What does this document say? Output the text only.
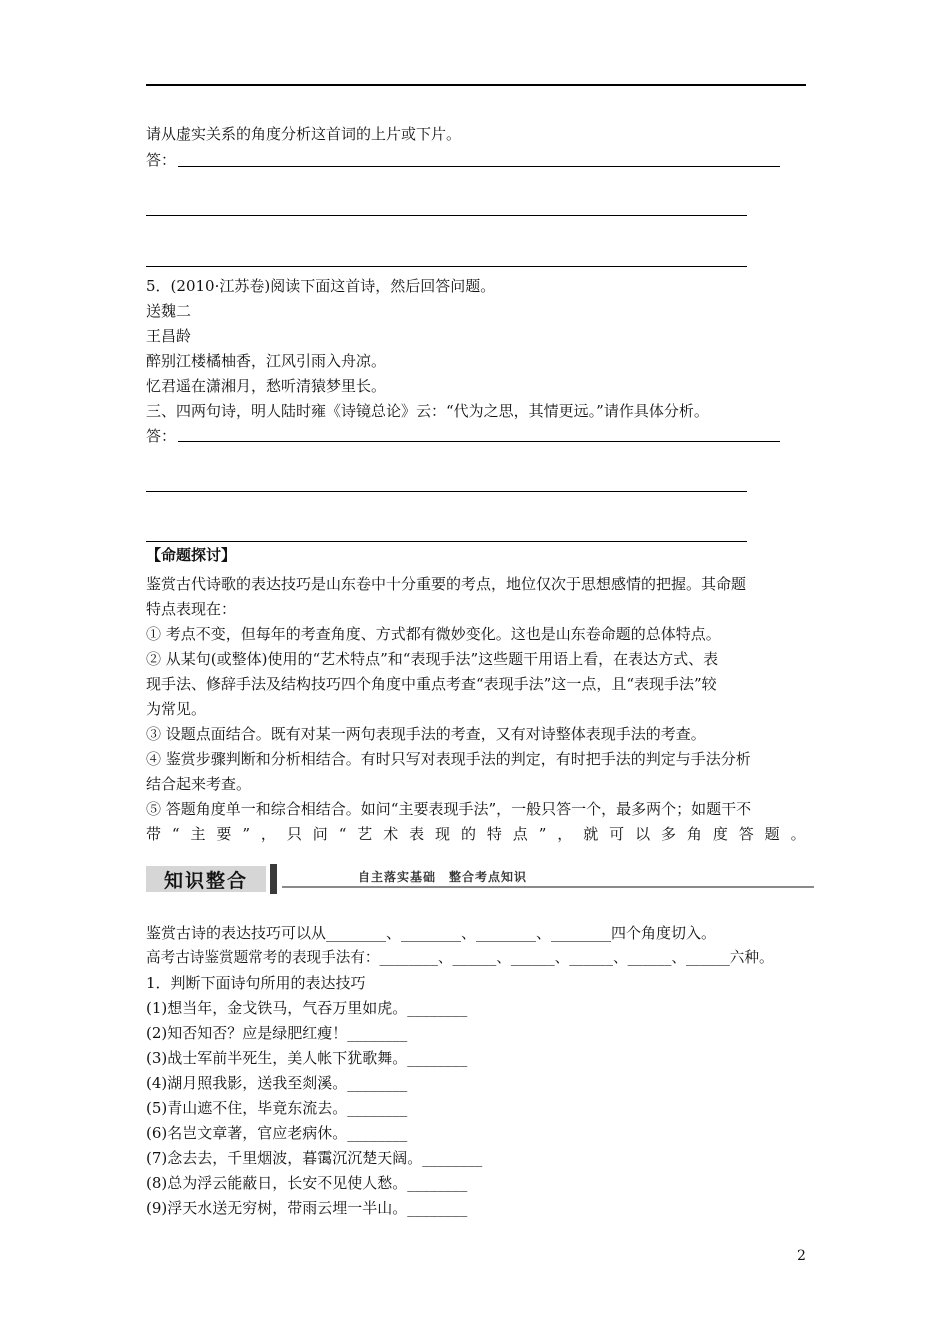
请从虚实关系的角度分析这首词的上片或下片。
答：
5．(2010·江苏卷)阅读下面这首诗，然后回答问题。
送魏二
王昌龄
醉别江楼橘柚香，江风引雨入舟凉。
忆君遥在潇湘月，愁听清猿梦里长。
三、四两句诗，明人陆时雍《诗镜总论》云：“代为之思，其情更远。”请作具体分析。
答：
【命题探讨】
鉴赏古代诗歌的表达技巧是山东卷中十分重要的考点，地位仅次于思想感情的把握。其命题
特点表现在：
① 考点不变，但每年的考查角度、方式都有微妙变化。这也是山东卷命题的总体特点。
② 从某句(或整体)使用的“艺术特点”和“表现手法”这些题干用语上看，在表达方式、表
现手法、修辞手法及结构技巧四个角度中重点考查“表现手法”这一点，且“表现手法”较
为常见。
③ 设题点面结合。既有对某一两句表现手法的考查，又有对诗整体表现手法的考查。
④ 鉴赏步骤判断和分析相结合。有时只写对表现手法的判定，有时把手法的判定与手法分析
结合起来考查。
⑤ 答题角度单一和综合相结合。如问“主要表现手法”，一般只答一个，最多两个；如题干不
带 “ 主 要 ” ， 只 问 “ 艺 术 表 现 的 特 点 ” ， 就 可 以 多 角 度 答 题 。
知识整合	自主落实基础　整合考点知识
鉴赏古诗的表达技巧可以从________、________、________、________四个角度切入。
高考古诗鉴赏题常考的表现手法有：________、______、______、______、______、______六种。
1．判断下面诗句所用的表达技巧
(1)想当年，金戈铁马，气吞万里如虎。________
(2)知否知否？应是绿肥红瘦！________
(3)战士军前半死生，美人帐下犹歌舞。________
(4)湖月照我影，送我至剡溪。________
(5)青山遮不住，毕竟东流去。________
(6)名岂文章著，官应老病休。________
(7)念去去，千里烟波，暮霭沉沉楚天阔。________
(8)总为浮云能蔽日，长安不见使人愁。________
(9)浮天水送无穷树，带雨云埋一半山。________
2
